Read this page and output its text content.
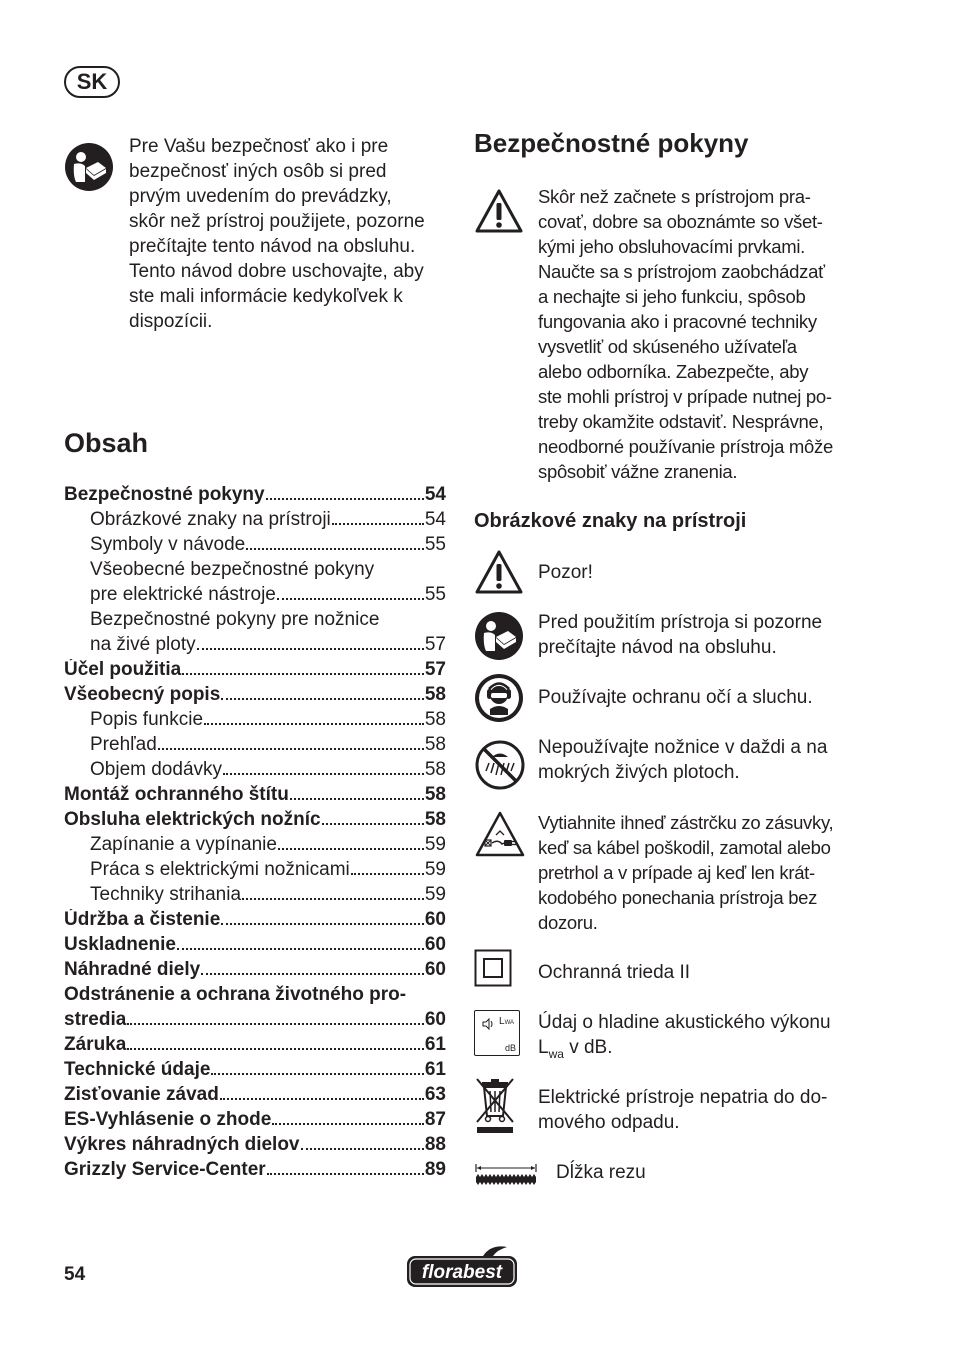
SK
Pre Vašu bezpečnosť ako i pre
bezpečnosť iných osôb si pred
prvým uvedením do prevádzky,
skôr než prístroj použijete, pozorne
prečítajte tento návod na obsluhu.
Tento návod dobre uschovajte, aby
ste mali informácie kedykoľvek k
dispozícii.
Obsah
Bezpečnostné pokyny	54
Obrázkové znaky na prístroji	54
Symboly v návode	55
Všeobecné bezpečnostné pokyny
pre elektrické nástroje	55
Bezpečnostné pokyny pre nožnice
na živé ploty	57
Účel použitia	57
Všeobecný popis	58
Popis funkcie	58
Prehľad	58
Objem dodávky	58
Montáž ochranného štítu	58
Obsluha elektrických nožníc	58
Zapínanie a vypínanie	59
Práca s elektrickými nožnicami	59
Techniky strihania	59
Údržba a čistenie	60
Uskladnenie	60
Náhradné diely	60
Odstránenie a ochrana životného pro-
stredia	60
Záruka	61
Technické údaje	61
Zisťovanie závad	63
ES-Vyhlásenie o zhode	87
Výkres náhradných dielov	88
Grizzly Service-Center	89
Bezpečnostné pokyny
Skôr než začnete s prístrojom pra-
covať, dobre sa oboznámte so všet-
kými jeho obsluhovacími prvkami.
Naučte sa s prístrojom zaobchádzať
a nechajte si jeho funkciu, spôsob
fungovania ako i pracovné techniky
vysvetliť od skúseného užívateľa
alebo odborníka. Zabezpečte, aby
ste mohli prístroj v prípade nutnej po-
treby okamžite odstaviť. Nesprávne,
neodborné používanie prístroja môže
spôsobiť vážne zranenia.
Obrázkové znaky na prístroji
Pozor!
Pred použitím prístroja si pozorne
prečítajte návod na obsluhu.
Používajte ochranu očí a sluchu.
Nepoužívajte nožnice v daždi a na
mokrých živých plotoch.
Vytiahnite ihneď zástrčku zo zásuvky,
keď sa kábel poškodil, zamotal alebo
pretrhol a v prípade aj keď len krát-
kodobého ponechania prístroja bez
dozoru.
Ochranná trieda II
LWA
dB
Údaj o hladine akustického výkonu
$L_{wa}$ v dB.
Elektrické prístroje nepatria do do-
mového odpadu.
Dĺžka rezu
54	florabest
